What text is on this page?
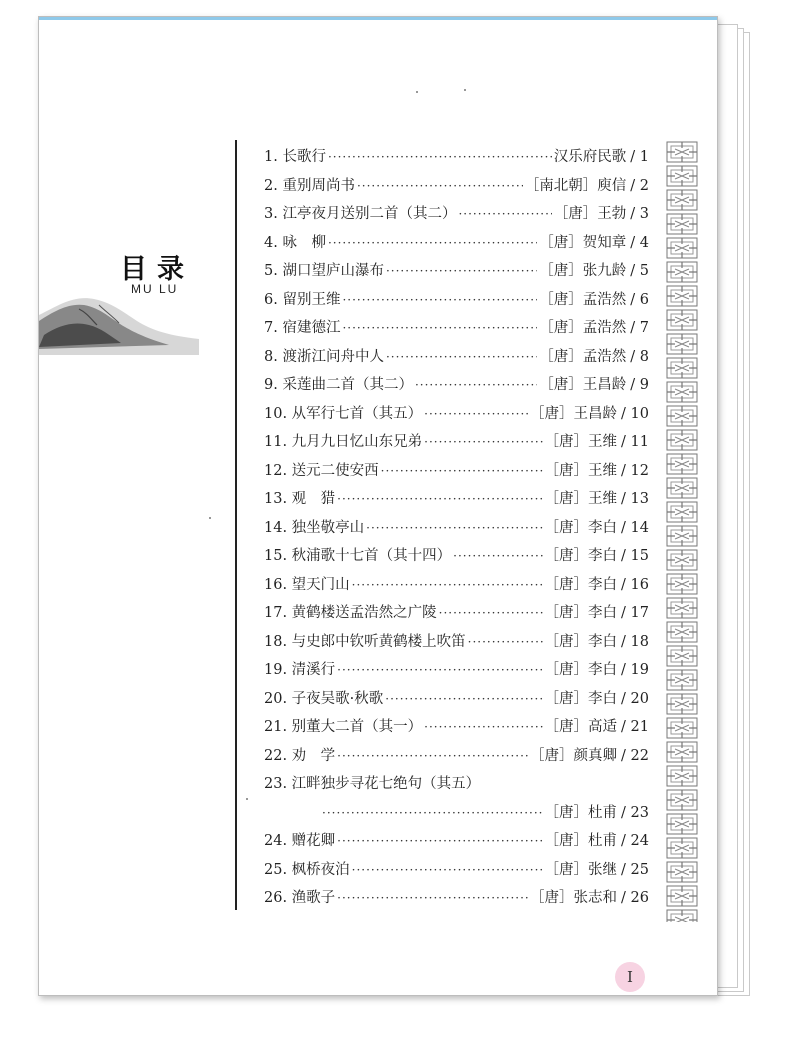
目录
MU LU
1. 长歌行 ·····	汉乐府民歌 / 1
2. 重别周尚书 ·····	［南北朝］庾信 / 2
3. 江亭夜月送别二首（其二） ·····	［唐］王勃 / 3
4. 咏　柳 ·····	［唐］贺知章 / 4
5. 湖口望庐山瀑布 ·····	［唐］张九龄 / 5
6. 留别王维 ·····	［唐］孟浩然 / 6
7. 宿建德江 ·····	［唐］孟浩然 / 7
8. 渡浙江问舟中人 ·····	［唐］孟浩然 / 8
9. 采莲曲二首（其二） ·····	［唐］王昌龄 / 9
10. 从军行七首（其五） ·····	［唐］王昌龄 / 10
11. 九月九日忆山东兄弟 ·····	［唐］王维 / 11
12. 送元二使安西 ·····	［唐］王维 / 12
13. 观　猎 ·····	［唐］王维 / 13
14. 独坐敬亭山 ·····	［唐］李白 / 14
15. 秋浦歌十七首（其十四） ·····	［唐］李白 / 15
16. 望天门山 ·····	［唐］李白 / 16
17. 黄鹤楼送孟浩然之广陵 ·····	［唐］李白 / 17
18. 与史郎中钦听黄鹤楼上吹笛 ·····	［唐］李白 / 18
19. 清溪行 ·····	［唐］李白 / 19
20. 子夜吴歌·秋歌 ·····	［唐］李白 / 20
21. 别董大二首（其一） ·····	［唐］高适 / 21
22. 劝　学 ·····	［唐］颜真卿 / 22
23. 江畔独步寻花七绝句（其五）
·····
［唐］杜甫 / 23
24. 赠花卿 ·····	［唐］杜甫 / 24
25. 枫桥夜泊 ·····	［唐］张继 / 25
26. 渔歌子 ·····	［唐］张志和 / 26
I
